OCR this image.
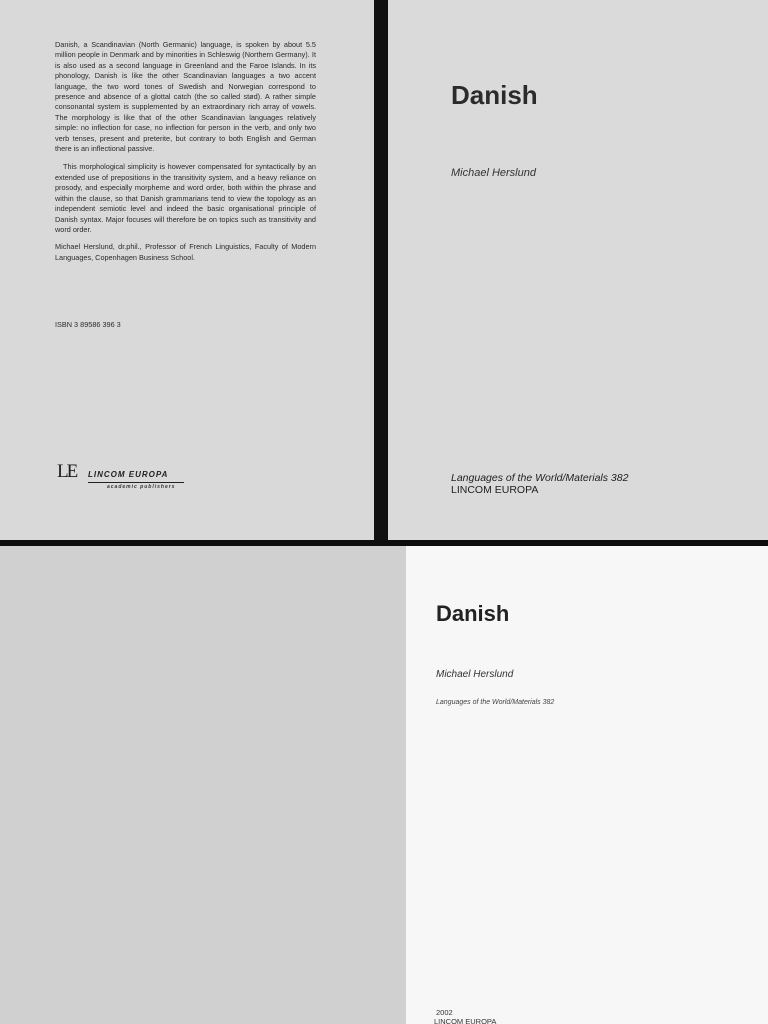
Danish, a Scandinavian (North Germanic) language, is spoken by about 5.5 million people in Denmark and by minorities in Schleswig (Northern Germany). It is also used as a second language in Greenland and the Faroe Islands. In its phonology, Danish is like the other Scandinavian languages a two accent language, the two word tones of Swedish and Norwegian correspond to presence and absence of a glottal catch (the so called stød). A rather simple consonantal system is supplemented by an extraordinary rich array of vowels. The morphology is like that of the other Scandinavian languages relatively simple: no inflection for case, no inflection for person in the verb, and only two verb tenses, present and preterite, but contrary to both English and German there is an inflectional passive.

This morphological simplicity is however compensated for syntactically by an extended use of prepositions in the transitivity system, and a heavy reliance on prosody, and especially morpheme and word order, both within the phrase and within the clause, so that Danish grammarians tend to view the topology as an independent semiotic level and indeed the basic organisational principle of Danish syntax. Major focuses will therefore be on topics such as transitivity and word order.

Michael Herslund, dr.phil., Professor of French Linguistics, Faculty of Modern Languages, Copenhagen Business School.

ISBN 3 89586 396 3
LE LINCOM EUROPA
academic publishers
Danish
Michael Herslund
Languages of the World/Materials 382
LINCOM EUROPA
Danish
Michael Herslund
Languages of the World/Materials 382
2002
LINCOM EUROPA
